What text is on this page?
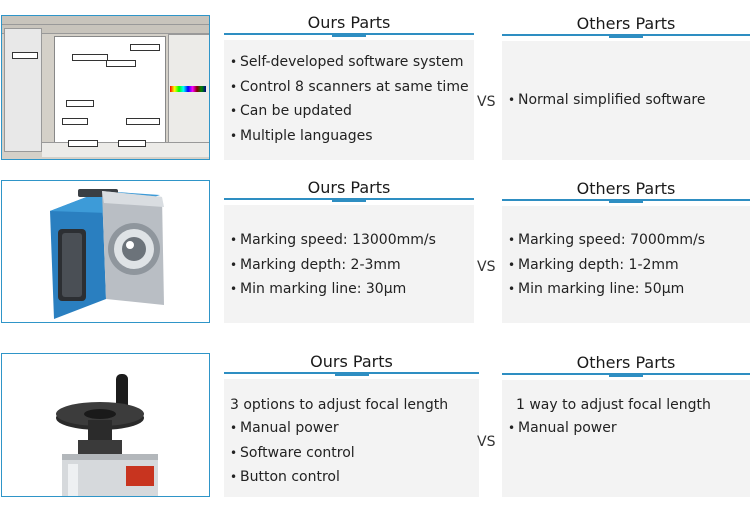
Ours Parts
• Self-developed software system
• Control 8 scanners at same time
• Can be updated
• Multiple languages
VS
Others Parts
• Normal simplified software
Ours Parts
• Marking speed: 13000mm/s
• Marking depth: 2-3mm
• Min marking line: 30μm
VS
Others Parts
• Marking speed: 7000mm/s
• Marking depth: 1-2mm
• Min marking line: 50μm
Ours Parts
3 options to adjust focal length
• Manual power
• Software control
• Button control
VS
Others Parts
1 way to adjust focal length
• Manual power
